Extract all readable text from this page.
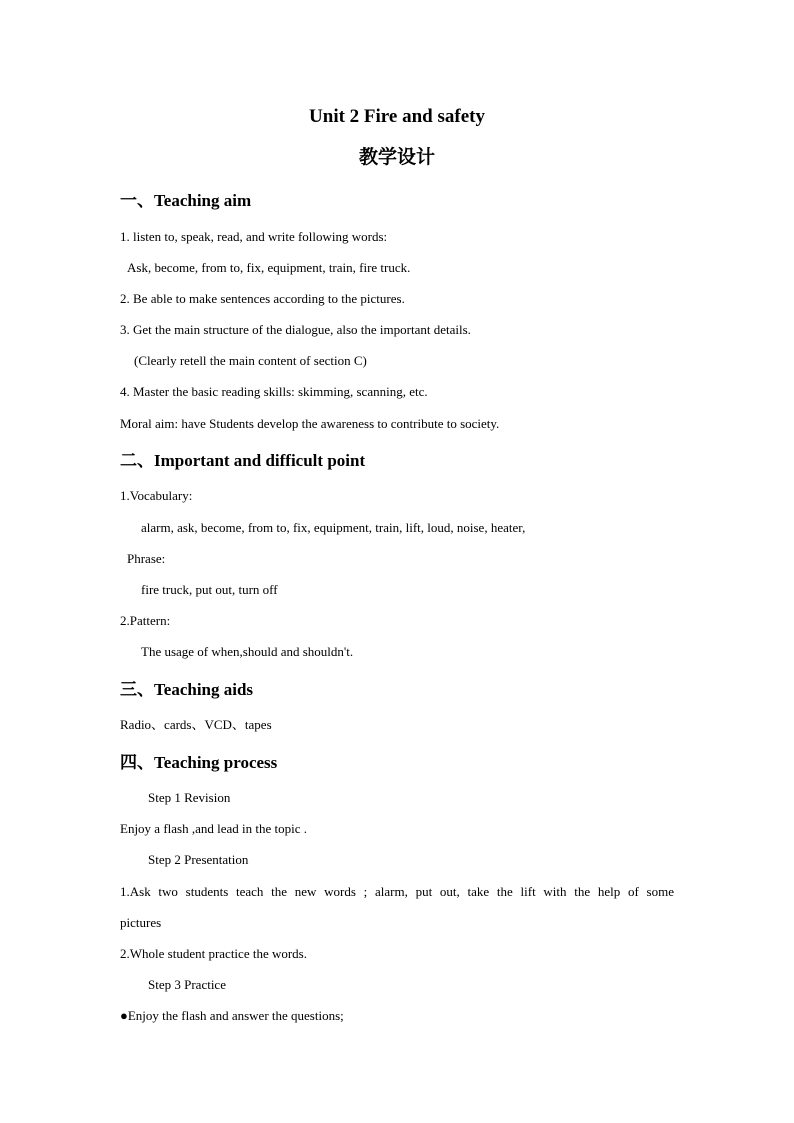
Unit 2 Fire and safety
教学设计
一、Teaching aim
1. listen to, speak, read, and write following words:
Ask, become, from to, fix, equipment, train, fire truck.
2. Be able to make sentences according to the pictures.
3. Get the main structure of the dialogue, also the important details.
(Clearly retell the main content of section C)
4. Master the basic reading skills: skimming, scanning, etc.
Moral aim: have Students develop the awareness to contribute to society.
二、Important and difficult point
1.Vocabulary:
alarm, ask, become, from to, fix, equipment, train, lift, loud, noise, heater,
Phrase:
fire truck, put out, turn off
2.Pattern:
The usage of when,should and shouldn't.
三、Teaching aids
Radio、cards、VCD、tapes
四、Teaching process
Step 1 Revision
Enjoy a flash ,and lead in the topic .
Step 2 Presentation
1.Ask two students teach the new words ; alarm, put out, take the lift with the help of some
pictures
2.Whole student practice the words.
Step 3 Practice
●Enjoy the flash and answer the questions;
